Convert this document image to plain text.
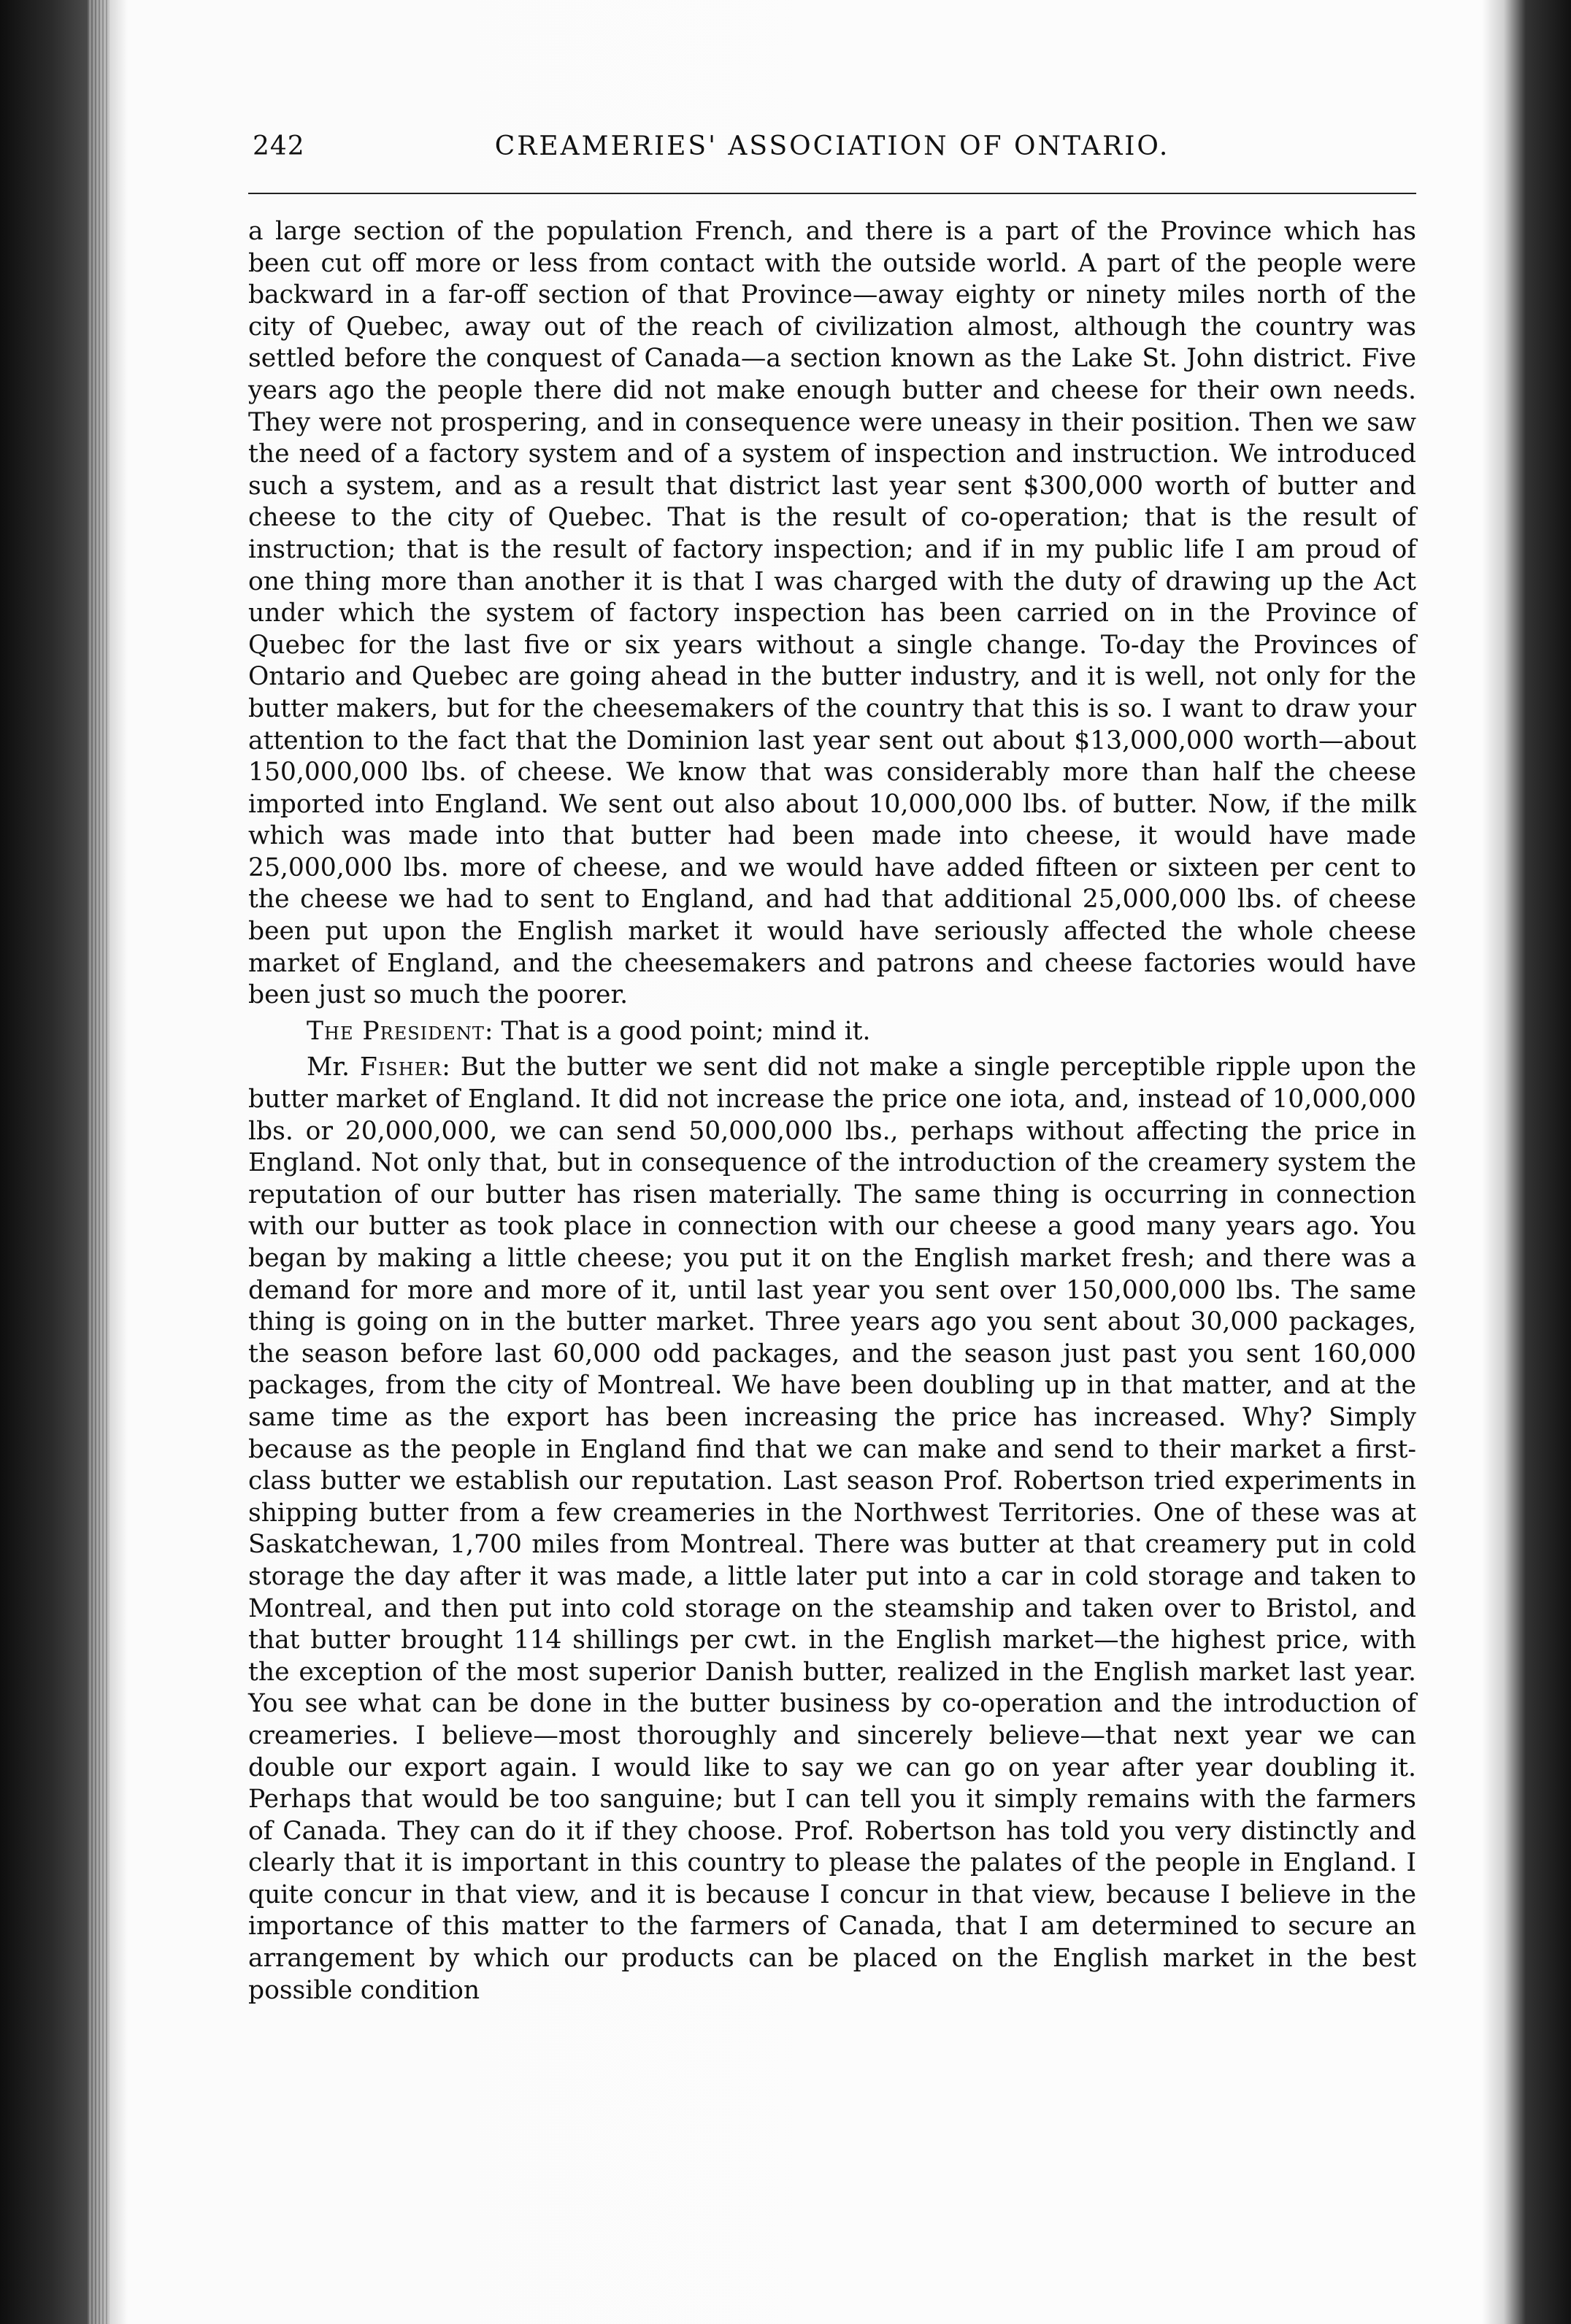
242	CREAMERIES' ASSOCIATION OF ONTARIO.

a large section of the population French, and there is a part of the Province which has been cut off more or less from contact with the outside world. A part of the people were backward in a far-off section of that Province—away eighty or ninety miles north of the city of Quebec, away out of the reach of civilization almost, although the country was settled before the conquest of Canada—a section known as the Lake St. John district. Five years ago the people there did not make enough butter and cheese for their own needs. They were not prospering, and in consequence were uneasy in their position. Then we saw the need of a factory system and of a system of inspection and instruction. We introduced such a system, and as a result that district last year sent $300,000 worth of butter and cheese to the city of Quebec. That is the result of co-operation; that is the result of instruction; that is the result of factory inspection; and if in my public life I am proud of one thing more than another it is that I was charged with the duty of drawing up the Act under which the system of factory inspection has been carried on in the Province of Quebec for the last five or six years without a single change. To-day the Provinces of Ontario and Quebec are going ahead in the butter industry, and it is well, not only for the butter makers, but for the cheesemakers of the country that this is so. I want to draw your attention to the fact that the Dominion last year sent out about $13,000,000 worth—about 150,000,000 lbs. of cheese. We know that was considerably more than half the cheese imported into England. We sent out also about 10,000,000 lbs. of butter. Now, if the milk which was made into that butter had been made into cheese, it would have made 25,000,000 lbs. more of cheese, and we would have added fifteen or sixteen per cent to the cheese we had to sent to England, and had that additional 25,000,000 lbs. of cheese been put upon the English market it would have seriously affected the whole cheese market of England, and the cheesemakers and patrons and cheese factories would have been just so much the poorer.

The President: That is a good point; mind it.

Mr. Fisher: But the butter we sent did not make a single perceptible ripple upon the butter market of England. It did not increase the price one iota, and, instead of 10,000,000 lbs. or 20,000,000, we can send 50,000,000 lbs., perhaps without affecting the price in England. Not only that, but in consequence of the introduction of the creamery system the reputation of our butter has risen materially. The same thing is occurring in connection with our butter as took place in connection with our cheese a good many years ago. You began by making a little cheese; you put it on the English market fresh; and there was a demand for more and more of it, until last year you sent over 150,000,000 lbs. The same thing is going on in the butter market. Three years ago you sent about 30,000 packages, the season before last 60,000 odd packages, and the season just past you sent 160,000 packages, from the city of Montreal. We have been doubling up in that matter, and at the same time as the export has been increasing the price has increased. Why? Simply because as the people in England find that we can make and send to their market a first-class butter we establish our reputation. Last season Prof. Robertson tried experiments in shipping butter from a few creameries in the Northwest Territories. One of these was at Saskatchewan, 1,700 miles from Montreal. There was butter at that creamery put in cold storage the day after it was made, a little later put into a car in cold storage and taken to Montreal, and then put into cold storage on the steamship and taken over to Bristol, and that butter brought 114 shillings per cwt. in the English market—the highest price, with the exception of the most superior Danish butter, realized in the English market last year. You see what can be done in the butter business by co-operation and the introduction of creameries. I believe—most thoroughly and sincerely believe—that next year we can double our export again. I would like to say we can go on year after year doubling it. Perhaps that would be too sanguine; but I can tell you it simply remains with the farmers of Canada. They can do it if they choose. Prof. Robertson has told you very distinctly and clearly that it is important in this country to please the palates of the people in England. I quite concur in that view, and it is because I concur in that view, because I believe in the importance of this matter to the farmers of Canada, that I am determined to secure an arrangement by which our products can be placed on the English market in the best possible condition
